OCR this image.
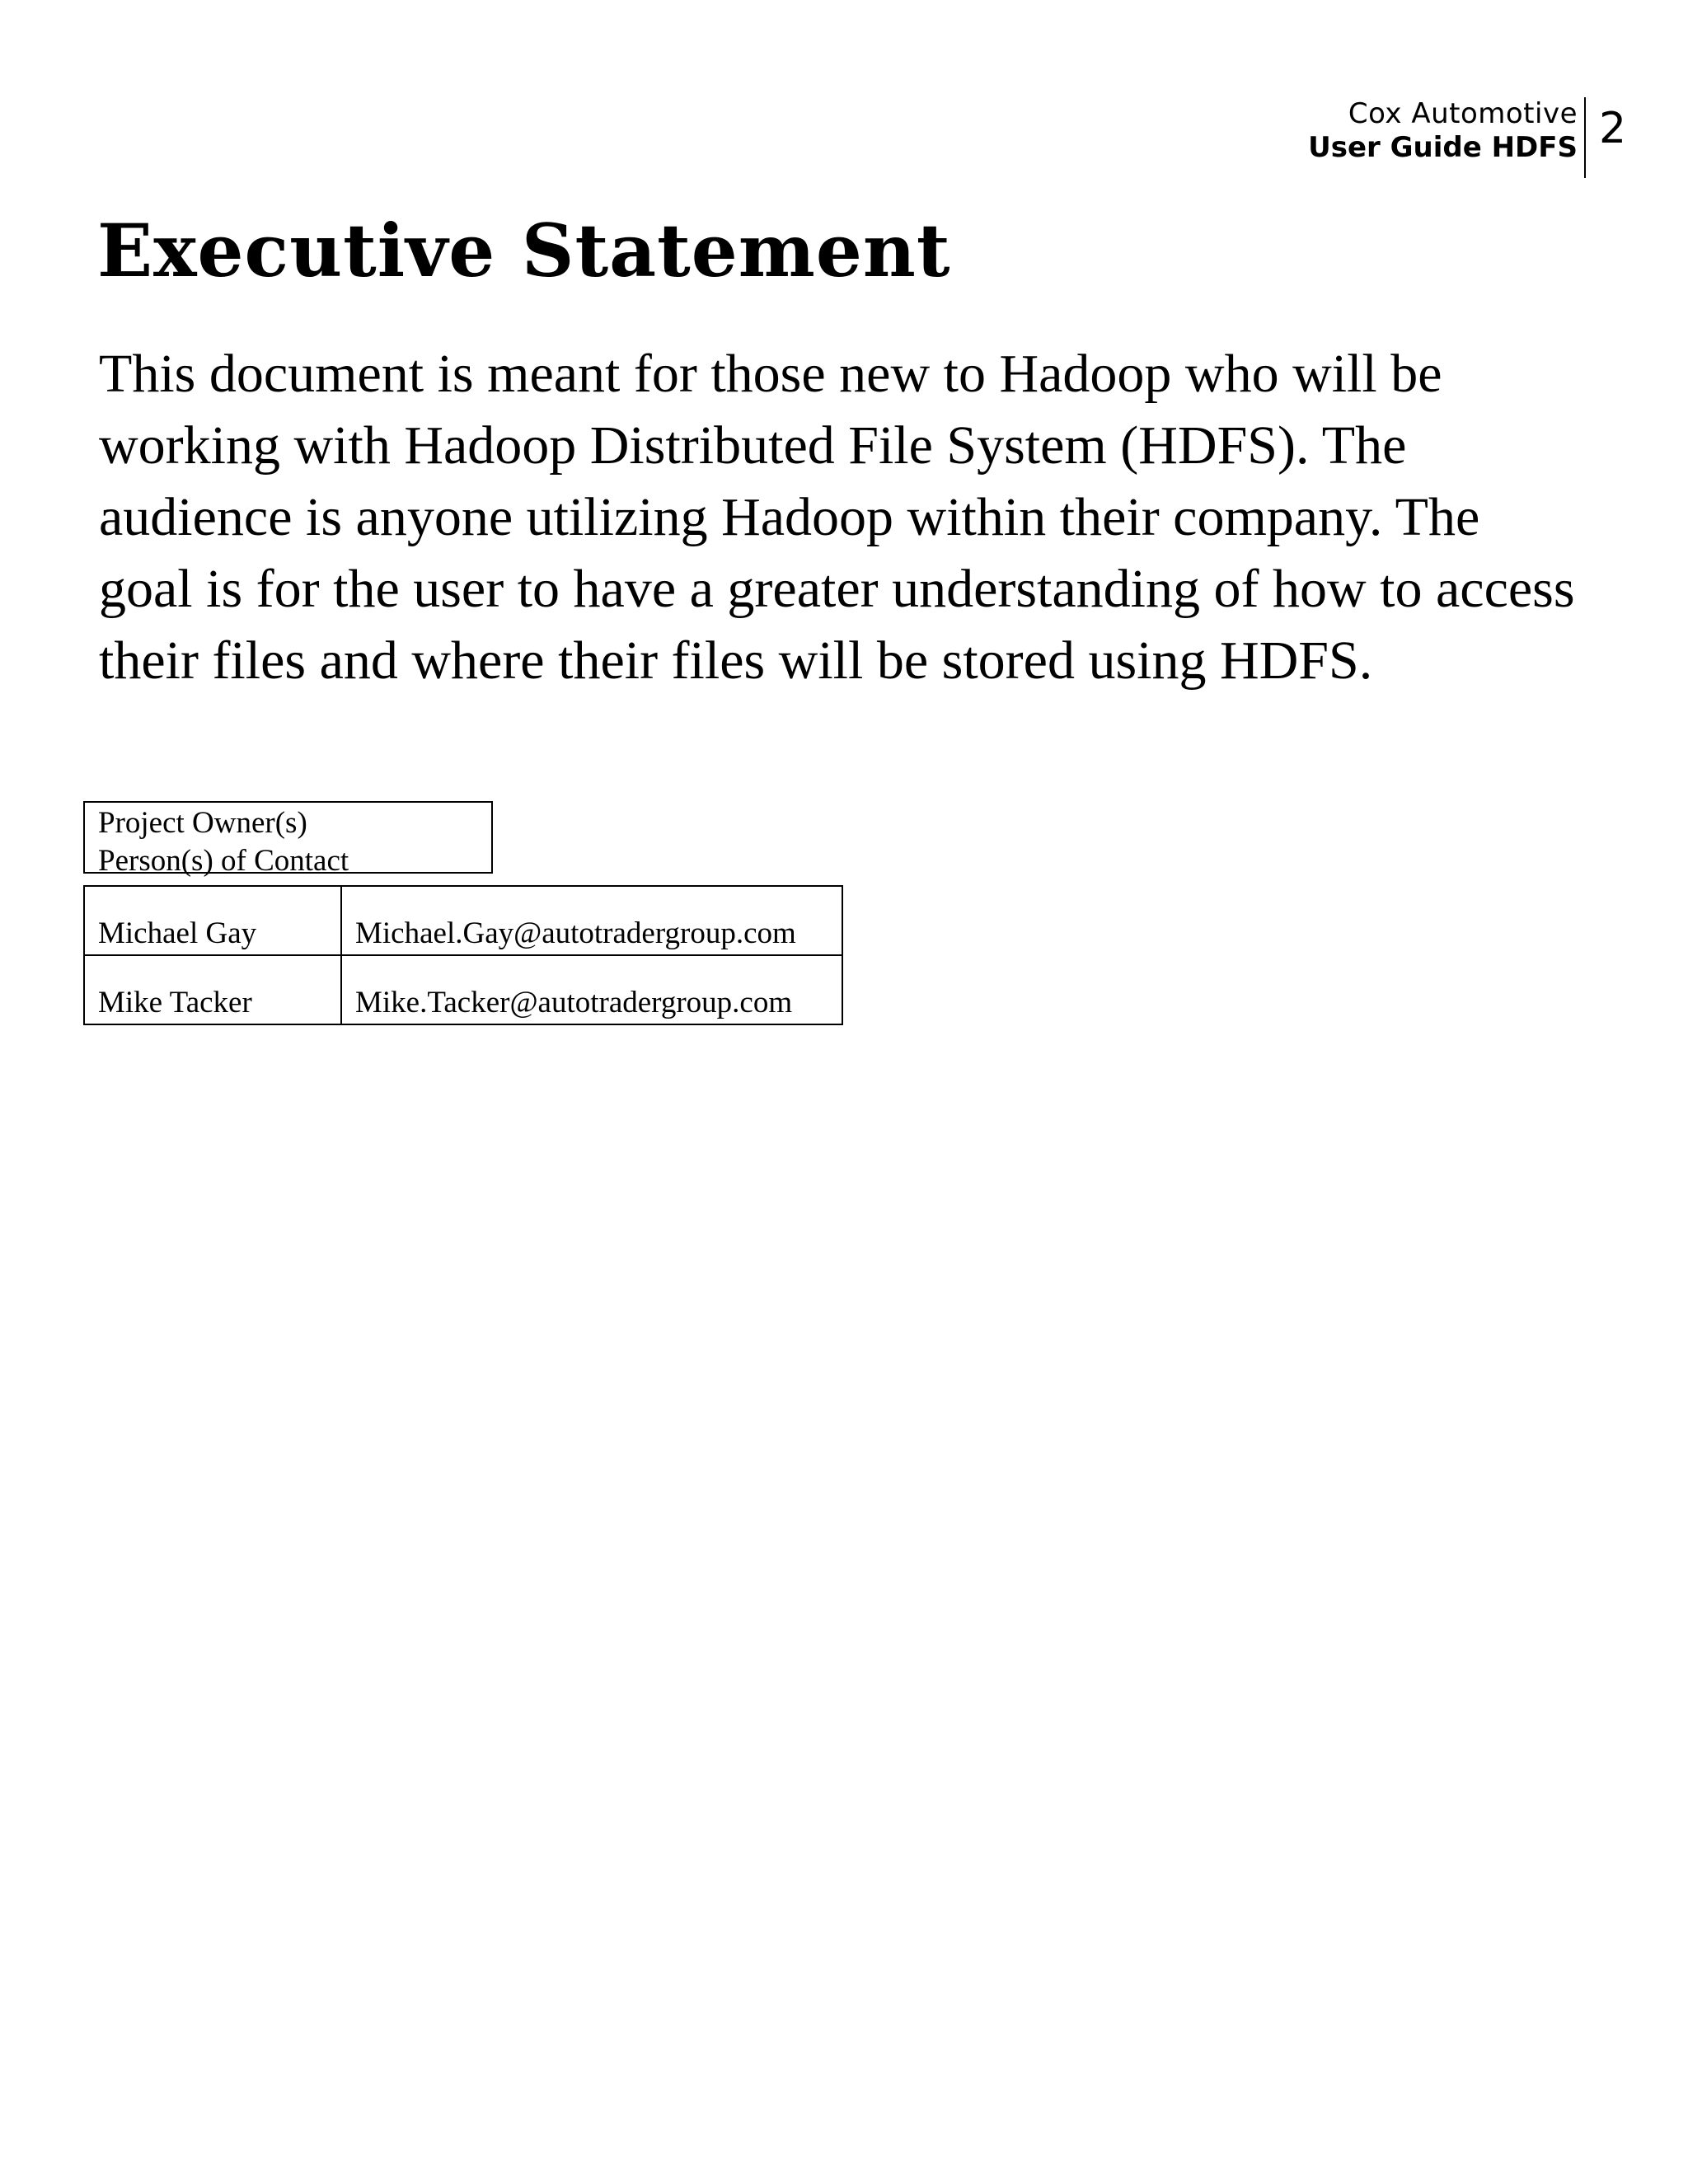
Cox Automotive
User Guide HDFS 2
Executive Statement

This document is meant for those new to Hadoop who will be working with Hadoop Distributed File System (HDFS). The audience is anyone utilizing Hadoop within their company. The goal is for the user to have a greater understanding of how to access their files and where their files will be stored using HDFS.

Project Owner(s)
Person(s) of Contact
Michael Gay	Michael.Gay@autotradergroup.com
Mike Tacker	Mike.Tacker@autotradergroup.com
